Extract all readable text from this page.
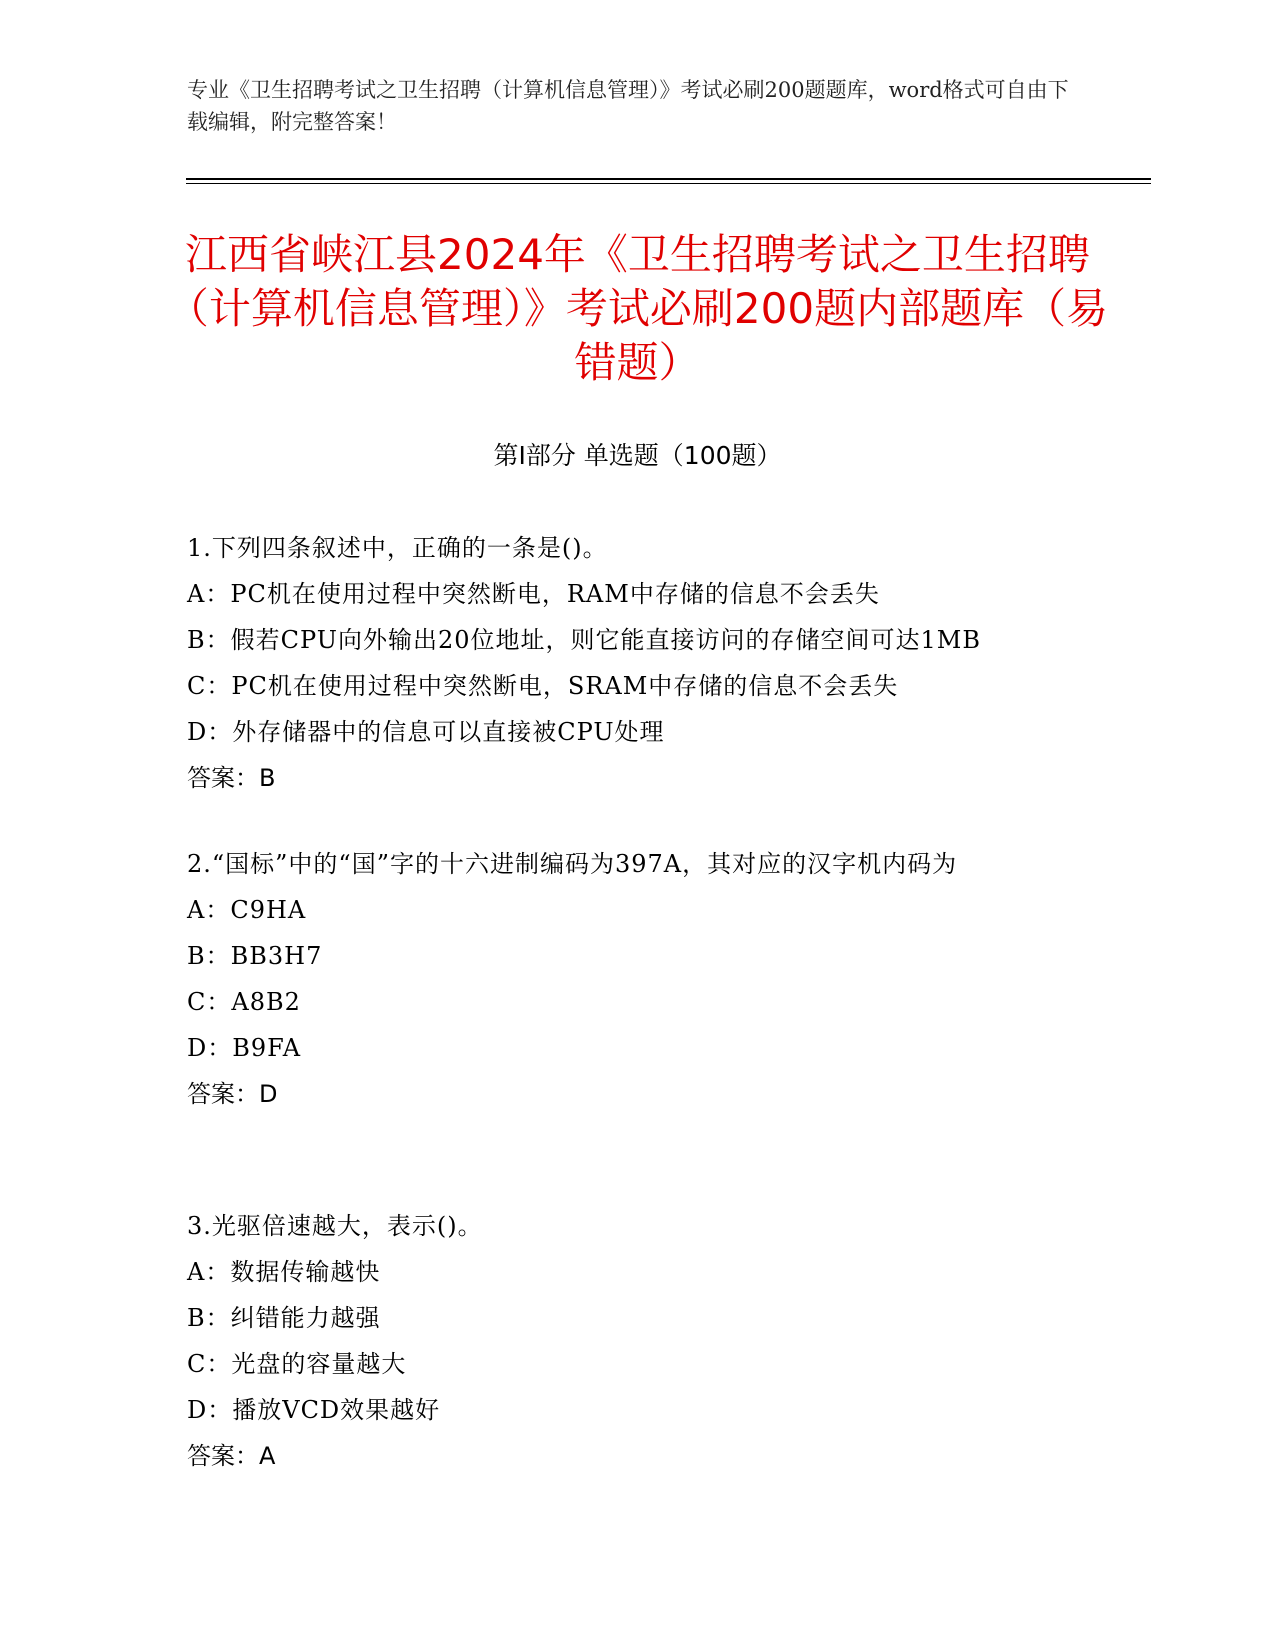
专业《卫生招聘考试之卫生招聘（计算机信息管理）》考试必刷200题题库，word格式可自由下载编辑，附完整答案！
江西省峡江县2024年《卫生招聘考试之卫生招聘（计算机信息管理）》考试必刷200题内部题库（易错题）
第Ⅰ部分 单选题（100题）
1.下列四条叙述中，正确的一条是()。
A：PC机在使用过程中突然断电，RAM中存储的信息不会丢失
B：假若CPU向外输出20位地址，则它能直接访问的存储空间可达1MB
C：PC机在使用过程中突然断电，SRAM中存储的信息不会丢失
D：外存储器中的信息可以直接被CPU处理
答案：B
2.“国标”中的“国”字的十六进制编码为397A，其对应的汉字机内码为
A：C9HA
B：BB3H7
C：A8B2
D：B9FA
答案：D
3.光驱倍速越大，表示()。
A：数据传输越快
B：纠错能力越强
C：光盘的容量越大
D：播放VCD效果越好
答案：A
